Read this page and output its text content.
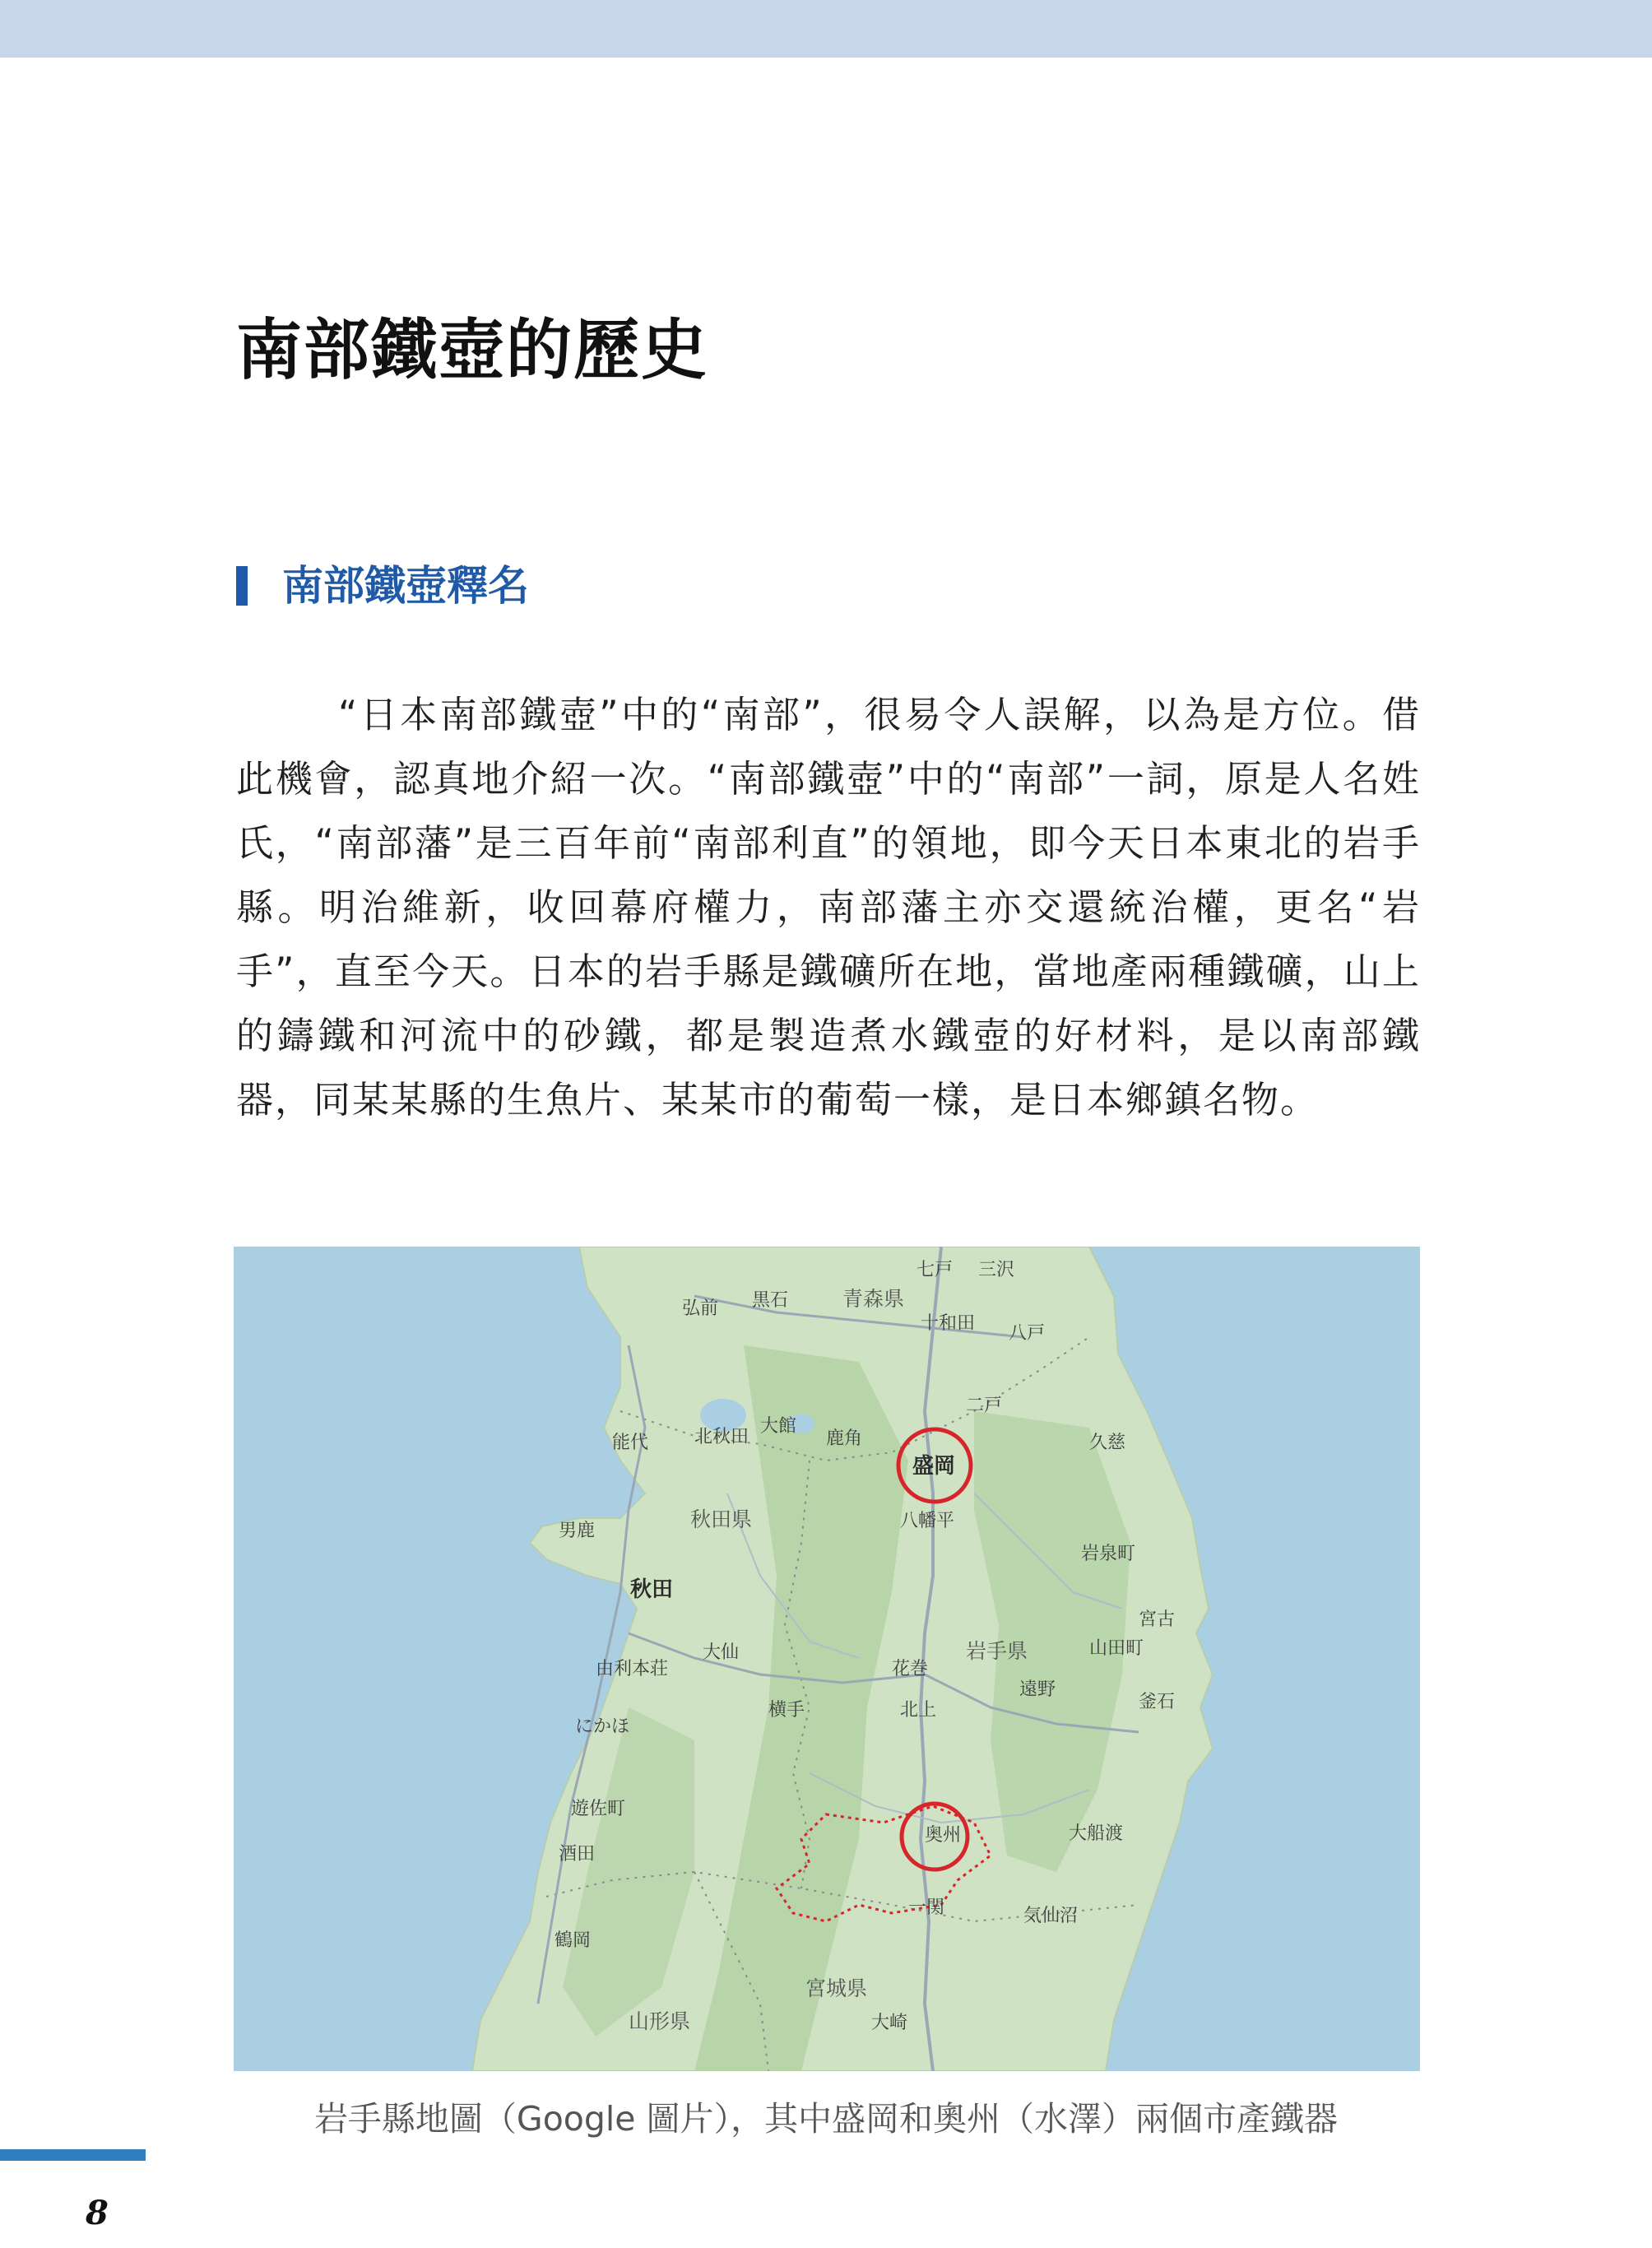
南部鐵壺的歷史
南部鐵壺釋名

“日本南部鐵壺”中的“南部”，很易令人誤解，以為是方位。借此機會，認真地介紹一次。“南部鐵壺”中的“南部”一詞，原是人名姓氏，“南部藩”是三百年前“南部利直”的領地，即今天日本東北的岩手縣。明治維新，收回幕府權力，南部藩主亦交還統治權，更名“岩手”，直至今天。日本的岩手縣是鐵礦所在地，當地產兩種鐵礦，山上的鑄鐵和河流中的砂鐵，都是製造煮水鐵壺的好材料，是以南部鐵器，同某某縣的生魚片、某某市的葡萄一樣，是日本鄉鎮名物。

青森県
黒石
弘前
七戸 三沢
十和田 八戸
二戸
久慈
能代	北秋田
大館
鹿角
秋田県
男鹿	八幡平
岩泉町
秋田
盛岡
宮古
山田町
岩手県
大仙
由利本荘	花巻
遠野
釜石
北上
横手
にかほ
奥州	大船渡
遊佐町
酒田
一関	気仙沼
鶴岡
宮城県
山形県	大崎

岩手縣地圖（Google 圖片），其中盛岡和奧州（水澤）兩個市產鐵器

8
